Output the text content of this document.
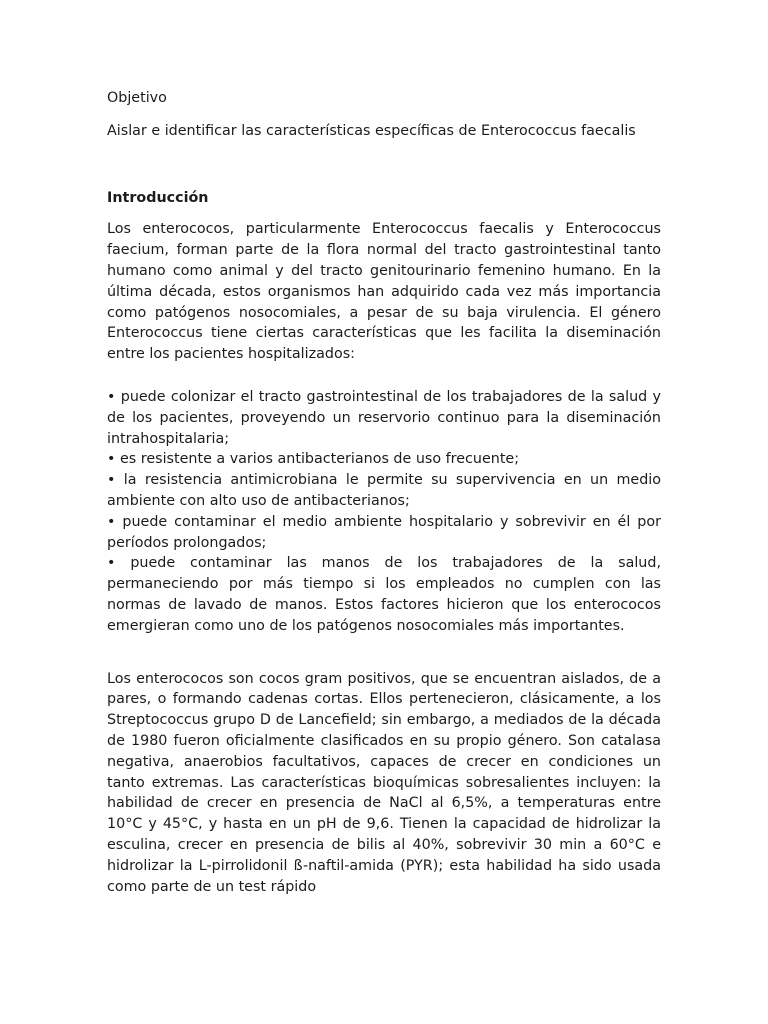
Objetivo

Aislar e identificar las características específicas de Enterococcus faecalis

Introducción

Los enterococos, particularmente Enterococcus faecalis y Enterococcus faecium, forman parte de la flora normal del tracto gastrointestinal tanto humano como animal y del tracto genitourinario femenino humano. En la última década, estos organismos han adquirido cada vez más importancia como patógenos nosocomiales, a pesar de su baja virulencia. El género Enterococcus tiene ciertas características que les facilita la diseminación entre los pacientes hospitalizados:

• puede colonizar el tracto gastrointestinal de los trabajadores de la salud y de los pacientes, proveyendo un reservorio continuo para la diseminación intrahospitalaria;

• es resistente a varios antibacterianos de uso frecuente;

• la resistencia antimicrobiana le permite su supervivencia en un medio ambiente con alto uso de antibacterianos;

• puede contaminar el medio ambiente hospitalario y sobrevivir en él por períodos prolongados;

• puede contaminar las manos de los trabajadores de la salud, permaneciendo por más tiempo si los empleados no cumplen con las normas de lavado de manos. Estos factores hicieron que los enterococos emergieran como uno de los patógenos nosocomiales más importantes.

Los enterococos son cocos gram positivos, que se encuentran aislados, de a pares, o formando cadenas cortas. Ellos pertenecieron, clásicamente, a los Streptococcus grupo D de Lancefield; sin embargo, a mediados de la década de 1980 fueron oficialmente clasificados en su propio género. Son catalasa negativa, anaerobios facultativos, capaces de crecer en condiciones un tanto extremas. Las características bioquímicas sobresalientes incluyen: la habilidad de crecer en presencia de NaCl al 6,5%, a temperaturas entre 10°C y 45°C, y hasta en un pH de 9,6. Tienen la capacidad de hidrolizar la esculina, crecer en presencia de bilis al 40%, sobrevivir 30 min a 60°C e hidrolizar la L-pirrolidonil ß-naftil-amida (PYR); esta habilidad ha sido usada como parte de un test rápido
